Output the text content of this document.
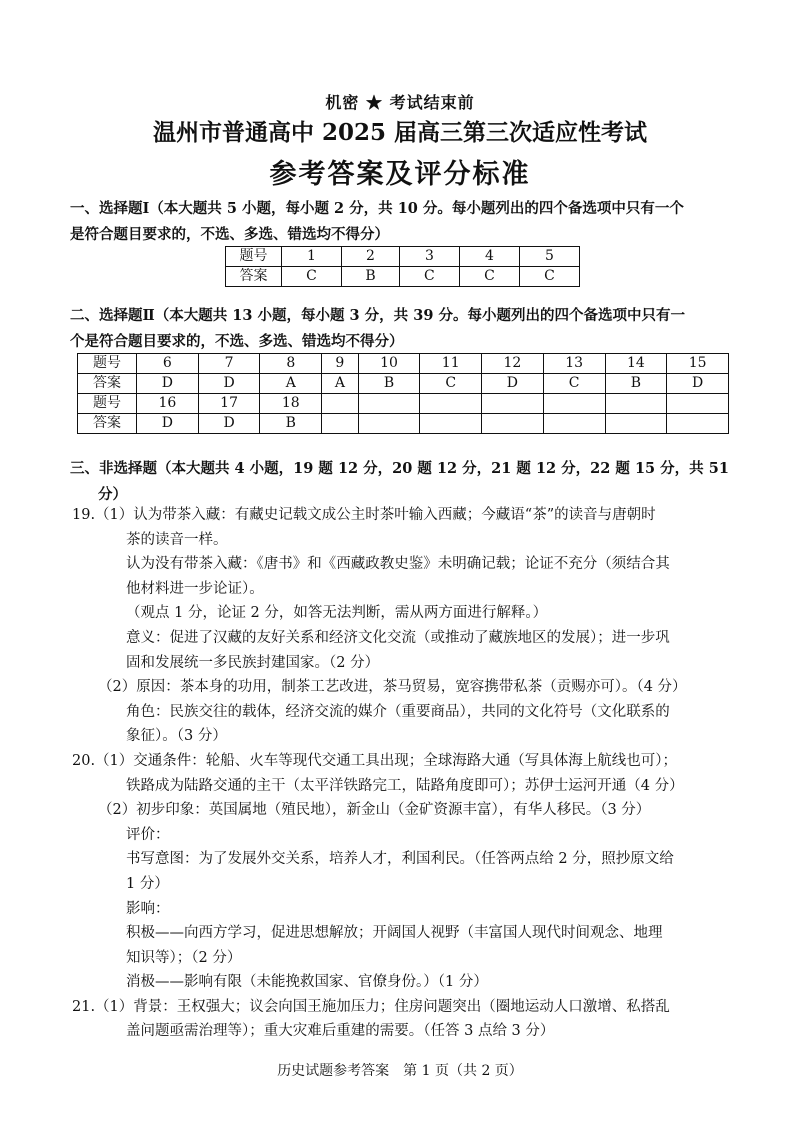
机密 ★ 考试结束前
温州市普通高中 2025 届高三第三次适应性考试
参考答案及评分标准
一、选择题Ⅰ（本大题共 5 小题，每小题 2 分，共 10 分。每小题列出的四个备选项中只有一个
是符合题目要求的，不选、多选、错选均不得分）
题号	1	2	3	4	5
答案	C	B	C	C	C
二、选择题Ⅱ（本大题共 13 小题，每小题 3 分，共 39 分。每小题列出的四个备选项中只有一
个是符合题目要求的，不选、多选、错选均不得分）
题号	6	7	8	9	10	11	12	13	14	15
答案	D	D	A	A	B	C	D	C	B	D
题号	16	17	18							
答案	D	D	B							
三、非选择题（本大题共 4 小题，19 题 12 分，20 题 12 分，21 题 12 分，22 题 15 分，共 51
分）
19.（1）认为带茶入藏：有藏史记载文成公主时茶叶输入西藏；今藏语“茶”的读音与唐朝时
茶的读音一样。
认为没有带茶入藏：《唐书》和《西藏政教史鉴》未明确记载；论证不充分（须结合其
他材料进一步论证）。
（观点 1 分，论证 2 分，如答无法判断，需从两方面进行解释。）
意义：促进了汉藏的友好关系和经济文化交流（或推动了藏族地区的发展）；进一步巩
固和发展统一多民族封建国家。（2 分）
（2）原因：茶本身的功用，制茶工艺改进，茶马贸易，宽容携带私茶（贡赐亦可）。（4 分）
角色：民族交往的载体，经济交流的媒介（重要商品），共同的文化符号（文化联系的
象征）。（3 分）
20.（1）交通条件：轮船、火车等现代交通工具出现；全球海路大通（写具体海上航线也可）；
铁路成为陆路交通的主干（太平洋铁路完工，陆路角度即可）；苏伊士运河开通（4 分）
（2）初步印象：英国属地（殖民地），新金山（金矿资源丰富），有华人移民。（3 分）
评价：
书写意图：为了发展外交关系，培养人才，利国利民。（任答两点给 2 分，照抄原文给
1 分）
影响：
积极——向西方学习，促进思想解放；开阔国人视野（丰富国人现代时间观念、地理
知识等）；（2 分）
消极——影响有限（未能挽救国家、官僚身份。）（1 分）
21.（1）背景：王权强大；议会向国王施加压力；住房问题突出（圈地运动人口激增、私搭乱
盖问题亟需治理等）；重大灾难后重建的需要。（任答 3 点给 3 分）
历史试题参考答案　第 1 页（共 2 页）
